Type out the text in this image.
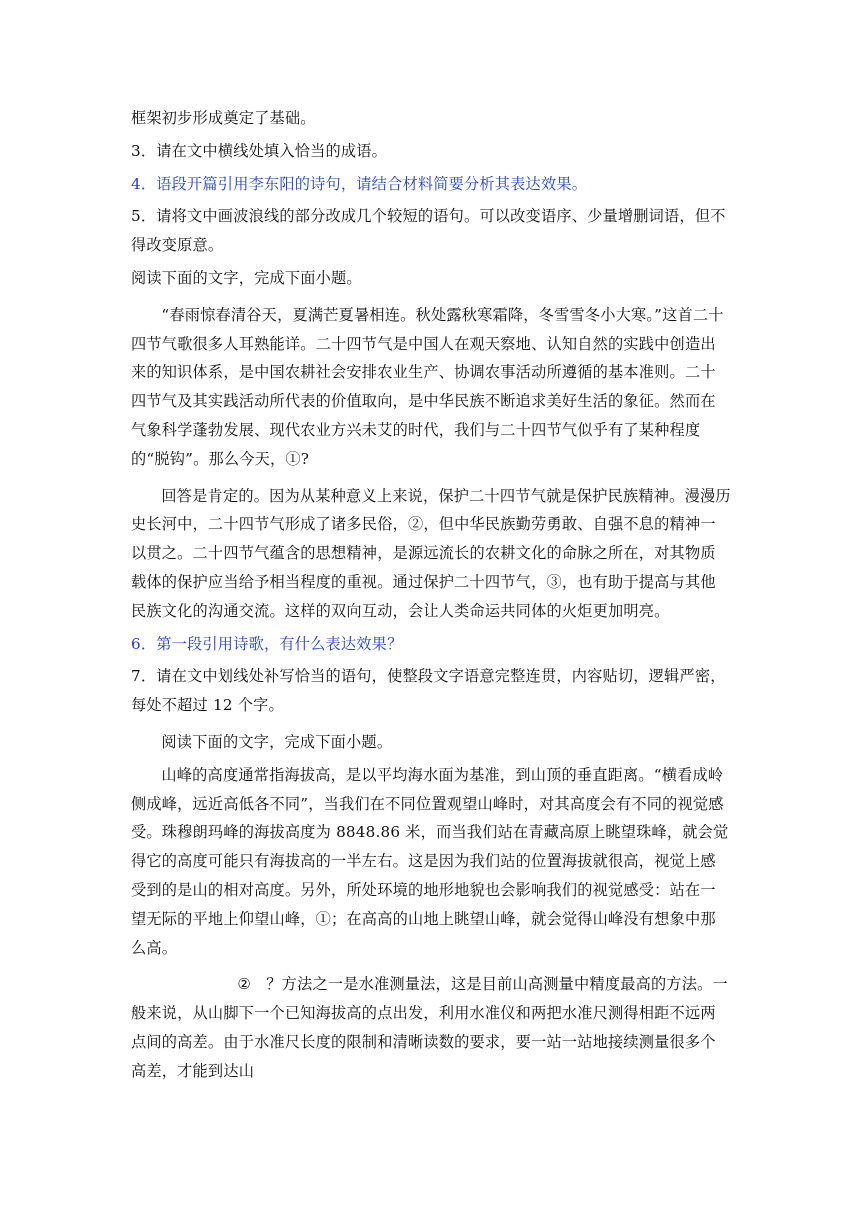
框架初步形成奠定了基础。

3．请在文中横线处填入恰当的成语。

4．语段开篇引用李东阳的诗句，请结合材料简要分析其表达效果。

5．请将文中画波浪线的部分改成几个较短的语句。可以改变语序、少量增删词语，但不得改变原意。

阅读下面的文字，完成下面小题。

“春雨惊春清谷天，夏满芒夏暑相连。秋处露秋寒霜降，冬雪雪冬小大寒。”这首二十四节气歌很多人耳熟能详。二十四节气是中国人在观天察地、认知自然的实践中创造出来的知识体系，是中国农耕社会安排农业生产、协调农事活动所遵循的基本准则。二十四节气及其实践活动所代表的价值取向，是中华民族不断追求美好生活的象征。然而在气象科学蓬勃发展、现代农业方兴未艾的时代，我们与二十四节气似乎有了某种程度的“脱钩”。那么今天，①?

回答是肯定的。因为从某种意义上来说，保护二十四节气就是保护民族精神。漫漫历史长河中，二十四节气形成了诸多民俗，②，但中华民族勤劳勇敢、自强不息的精神一以贯之。二十四节气蕴含的思想精神，是源远流长的农耕文化的命脉之所在，对其物质载体的保护应当给予相当程度的重视。通过保护二十四节气，③，也有助于提高与其他民族文化的沟通交流。这样的双向互动，会让人类命运共同体的火炬更加明亮。

6．第一段引用诗歌，有什么表达效果？

7．请在文中划线处补写恰当的语句，使整段文字语意完整连贯，内容贴切，逻辑严密，每处不超过 12 个字。

阅读下面的文字，完成下面小题。

山峰的高度通常指海拔高，是以平均海水面为基准，到山顶的垂直距离。“横看成岭侧成峰，远近高低各不同”，当我们在不同位置观望山峰时，对其高度会有不同的视觉感受。珠穆朗玛峰的海拔高度为 8848.86 米，而当我们站在青藏高原上眺望珠峰，就会觉得它的高度可能只有海拔高的一半左右。这是因为我们站的位置海拔就很高，视觉上感受到的是山的相对高度。另外，所处环境的地形地貌也会影响我们的视觉感受：站在一望无际的平地上仰望山峰，①；在高高的山地上眺望山峰，就会觉得山峰没有想象中那么高。

② ？方法之一是水准测量法，这是目前山高测量中精度最高的方法。一般来说，从山脚下一个已知海拔高的点出发，利用水准仪和两把水准尺测得相距不远两点间的高差。由于水准尺长度的限制和清晰读数的要求，要一站一站地接续测量很多个高差，才能到达山
